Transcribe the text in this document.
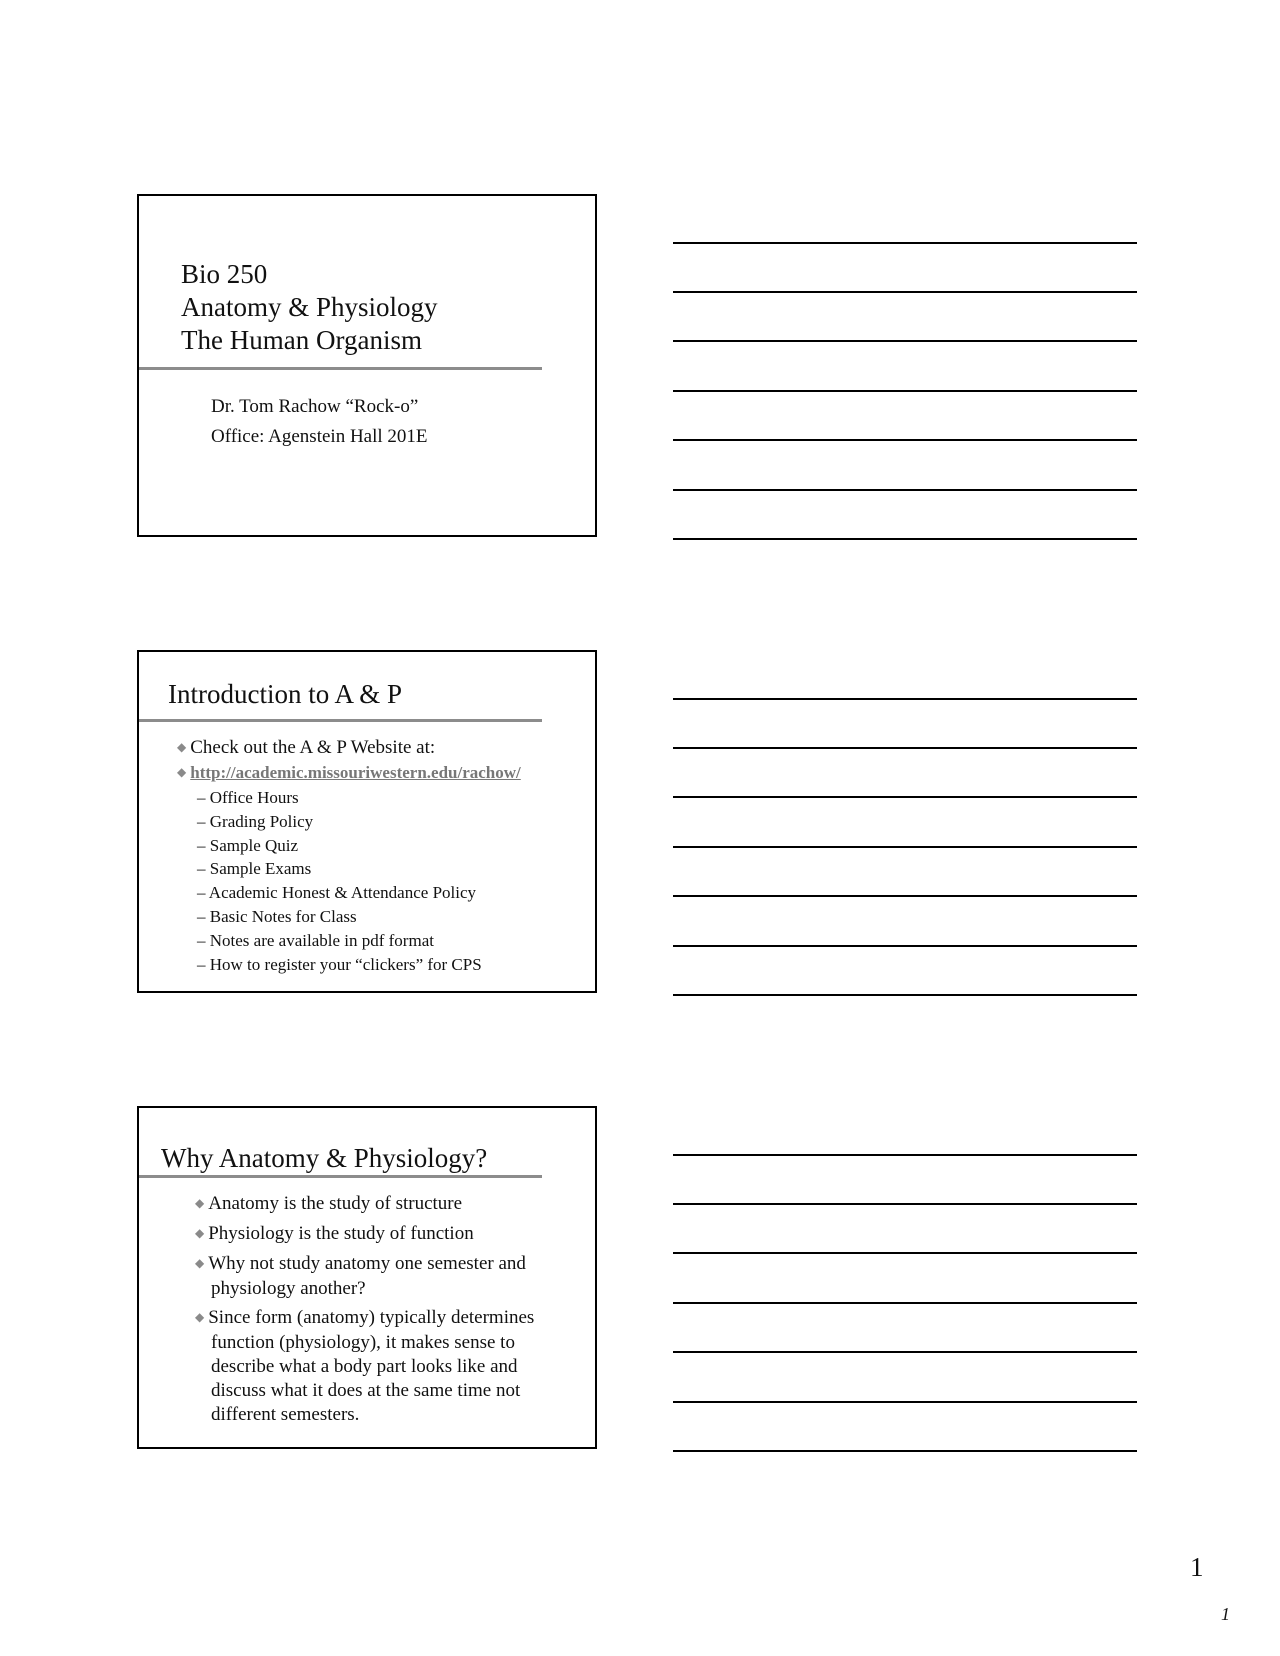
Bio 250
Anatomy & Physiology
The Human Organism
Dr. Tom Rachow “Rock-o”
Office: Agenstein Hall 201E
Introduction to A & P
◆ Check out the A & P Website at:
◆ http://academic.missouriwestern.edu/rachow/
– Office Hours
– Grading Policy
– Sample Quiz
– Sample Exams
– Academic Honest & Attendance Policy
– Basic Notes for Class
– Notes are available in pdf format
– How to register your “clickers” for CPS
Why Anatomy & Physiology?
◆ Anatomy is the study of structure
◆ Physiology is the study of function
◆ Why not study anatomy one semester and physiology another?
◆ Since form (anatomy) typically determines function (physiology), it makes sense to describe what a body part looks like and discuss what it does at the same time not different semesters.
1
1
